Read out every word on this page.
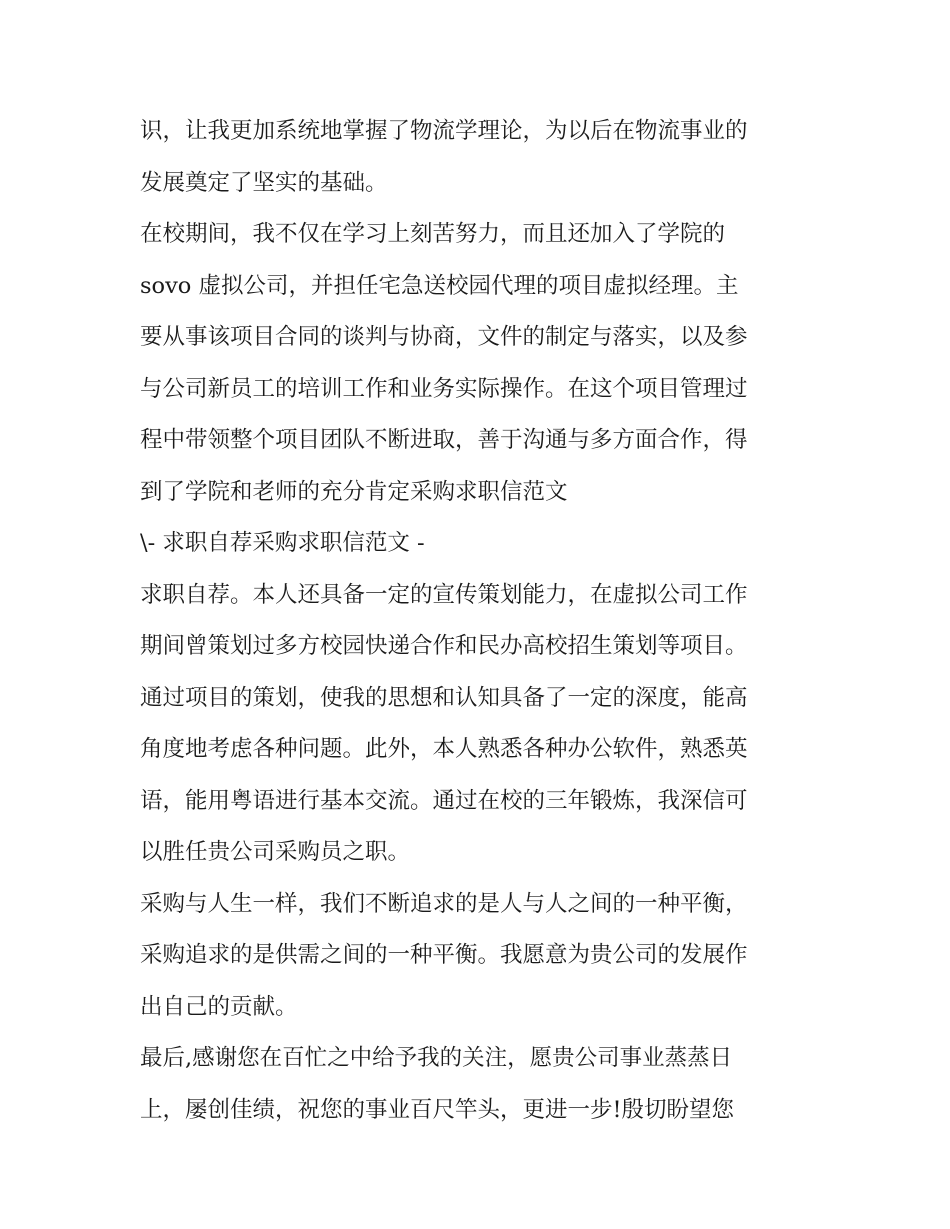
识，让我更加系统地掌握了物流学理论，为以后在物流事业的
发展奠定了坚实的基础。
在校期间，我不仅在学习上刻苦努力，而且还加入了学院的
sovo 虚拟公司，并担任宅急送校园代理的项目虚拟经理。主
要从事该项目合同的谈判与协商，文件的制定与落实，以及参
与公司新员工的培训工作和业务实际操作。在这个项目管理过
程中带领整个项目团队不断进取，善于沟通与多方面合作，得
到了学院和老师的充分肯定采购求职信范文
\- 求职自荐采购求职信范文 -
求职自荐。本人还具备一定的宣传策划能力，在虚拟公司工作
期间曾策划过多方校园快递合作和民办高校招生策划等项目。
通过项目的策划，使我的思想和认知具备了一定的深度，能高
角度地考虑各种问题。此外，本人熟悉各种办公软件，熟悉英
语，能用粤语进行基本交流。通过在校的三年锻炼，我深信可
以胜任贵公司采购员之职。
采购与人生一样，我们不断追求的是人与人之间的一种平衡，
采购追求的是供需之间的一种平衡。我愿意为贵公司的发展作
出自己的贡献。
最后,感谢您在百忙之中给予我的关注，愿贵公司事业蒸蒸日
上，屡创佳绩，祝您的事业百尺竿头，更进一步!殷切盼望您
